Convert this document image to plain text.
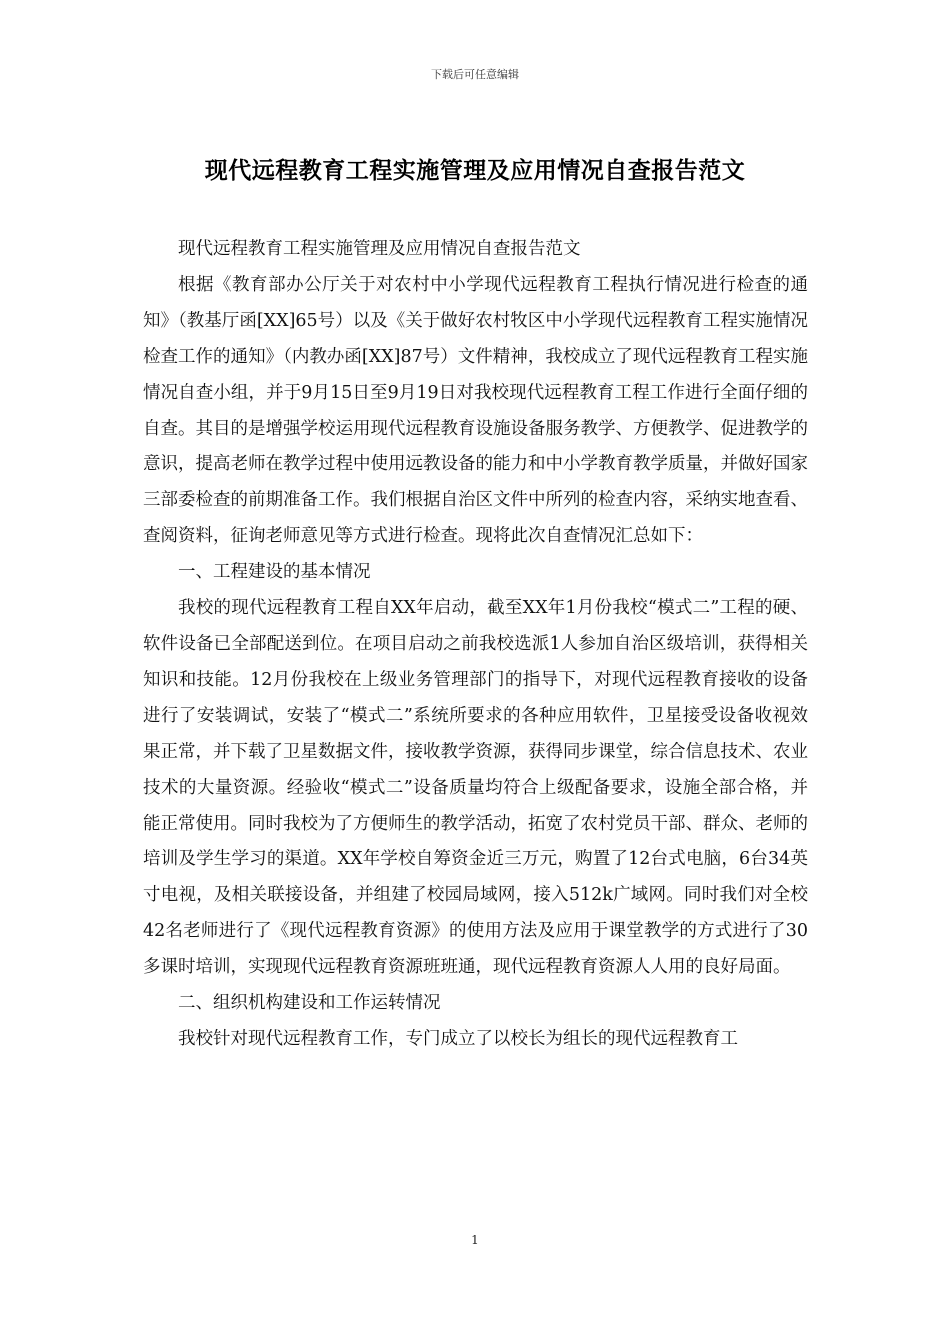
下载后可任意编辑
现代远程教育工程实施管理及应用情况自查报告范文

现代远程教育工程实施管理及应用情况自查报告范文

根据《教育部办公厅关于对农村中小学现代远程教育工程执行情况进行检查的通知》（教基厅函[XX]65号）以及《关于做好农村牧区中小学现代远程教育工程实施情况检查工作的通知》（内教办函[XX]87号）文件精神，我校成立了现代远程教育工程实施情况自查小组，并于9月15日至9月19日对我校现代远程教育工程工作进行全面仔细的自查。其目的是增强学校运用现代远程教育设施设备服务教学、方便教学、促进教学的意识，提高老师在教学过程中使用远教设备的能力和中小学教育教学质量，并做好国家三部委检查的前期准备工作。我们根据自治区文件中所列的检查内容，采纳实地查看、查阅资料，征询老师意见等方式进行检查。现将此次自查情况汇总如下：

一、工程建设的基本情况

我校的现代远程教育工程自XX年启动，截至XX年1月份我校“模式二”工程的硬、软件设备已全部配送到位。在项目启动之前我校选派1人参加自治区级培训，获得相关知识和技能。12月份我校在上级业务管理部门的指导下，对现代远程教育接收的设备进行了安装调试，安装了“模式二”系统所要求的各种应用软件，卫星接受设备收视效果正常，并下载了卫星数据文件，接收教学资源，获得同步课堂，综合信息技术、农业技术的大量资源。经验收“模式二”设备质量均符合上级配备要求，设施全部合格，并能正常使用。同时我校为了方便师生的教学活动，拓宽了农村党员干部、群众、老师的培训及学生学习的渠道。XX年学校自筹资金近三万元，购置了12台式电脑，6台34英寸电视，及相关联接设备，并组建了校园局域网，接入512k广域网。同时我们对全校42名老师进行了《现代远程教育资源》的使用方法及应用于课堂教学的方式进行了30多课时培训，实现现代远程教育资源班班通，现代远程教育资源人人用的良好局面。

二、组织机构建设和工作运转情况

我校针对现代远程教育工作，专门成立了以校长为组长的现代远程教育工

1
